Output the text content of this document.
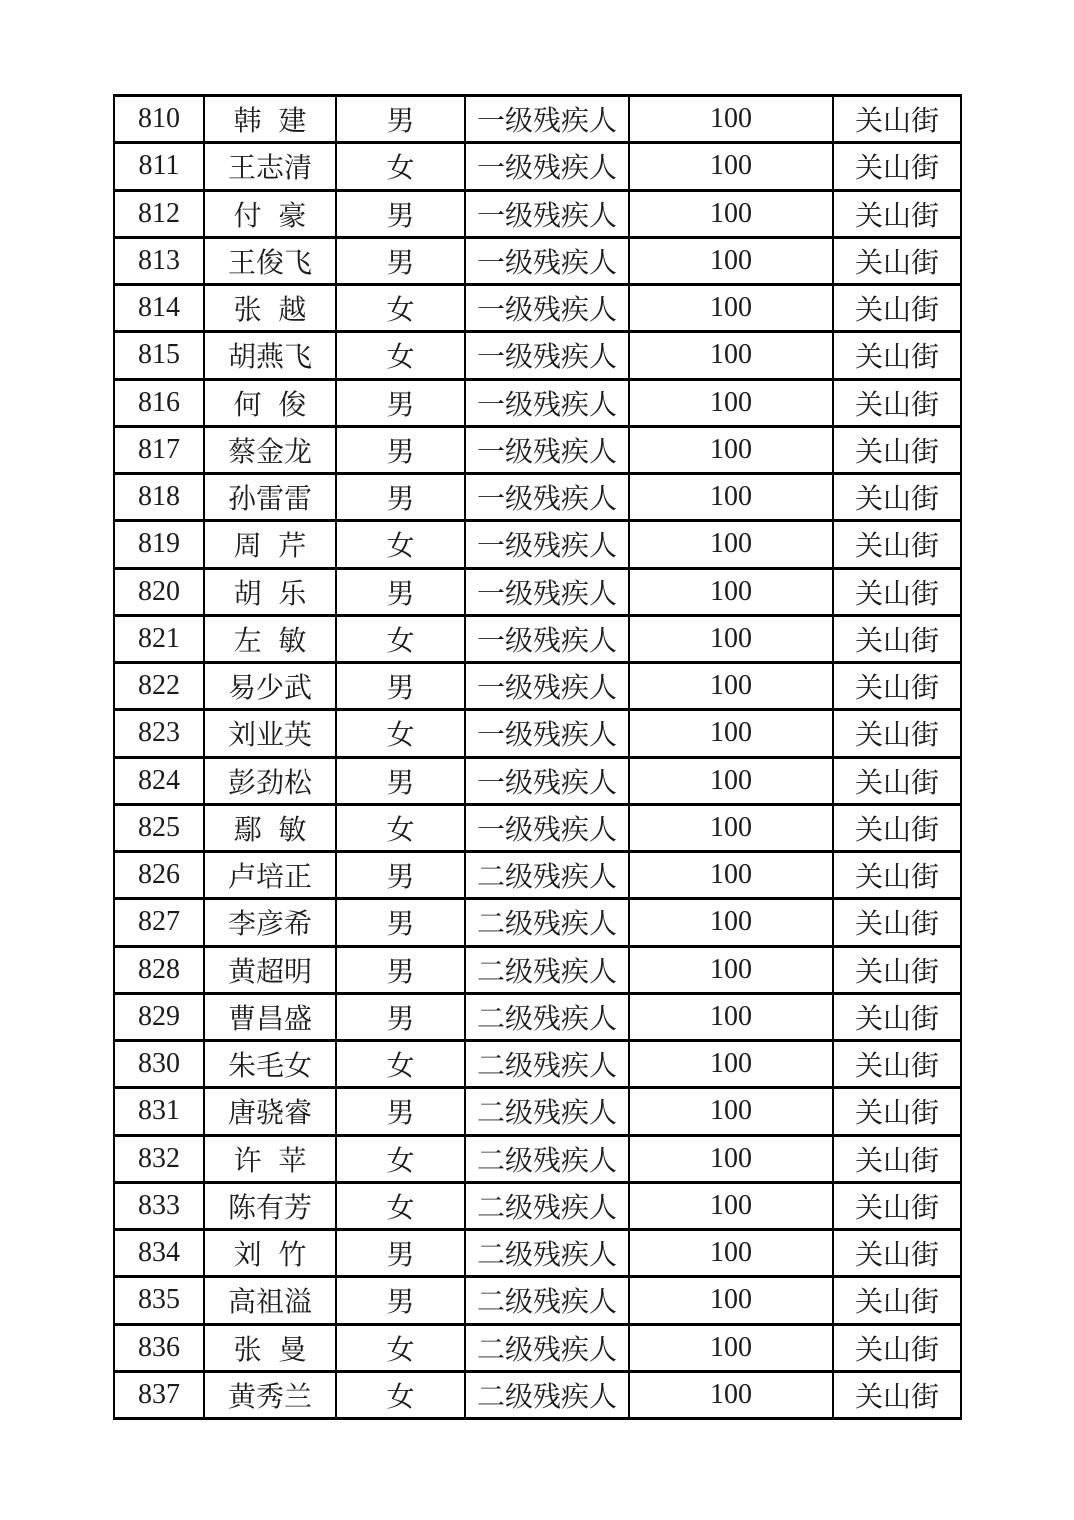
810	韩建	男	一级残疾人	100	关山街
811	王志清	女	一级残疾人	100	关山街
812	付豪	男	一级残疾人	100	关山街
813	王俊飞	男	一级残疾人	100	关山街
814	张越	女	一级残疾人	100	关山街
815	胡燕飞	女	一级残疾人	100	关山街
816	何俊	男	一级残疾人	100	关山街
817	蔡金龙	男	一级残疾人	100	关山街
818	孙雷雷	男	一级残疾人	100	关山街
819	周芹	女	一级残疾人	100	关山街
820	胡乐	男	一级残疾人	100	关山街
821	左敏	女	一级残疾人	100	关山街
822	易少武	男	一级残疾人	100	关山街
823	刘业英	女	一级残疾人	100	关山街
824	彭劲松	男	一级残疾人	100	关山街
825	鄢敏	女	一级残疾人	100	关山街
826	卢培正	男	二级残疾人	100	关山街
827	李彦希	男	二级残疾人	100	关山街
828	黄超明	男	二级残疾人	100	关山街
829	曹昌盛	男	二级残疾人	100	关山街
830	朱毛女	女	二级残疾人	100	关山街
831	唐骁睿	男	二级残疾人	100	关山街
832	许苹	女	二级残疾人	100	关山街
833	陈有芳	女	二级残疾人	100	关山街
834	刘竹	男	二级残疾人	100	关山街
835	高祖溢	男	二级残疾人	100	关山街
836	张曼	女	二级残疾人	100	关山街
837	黄秀兰	女	二级残疾人	100	关山街
